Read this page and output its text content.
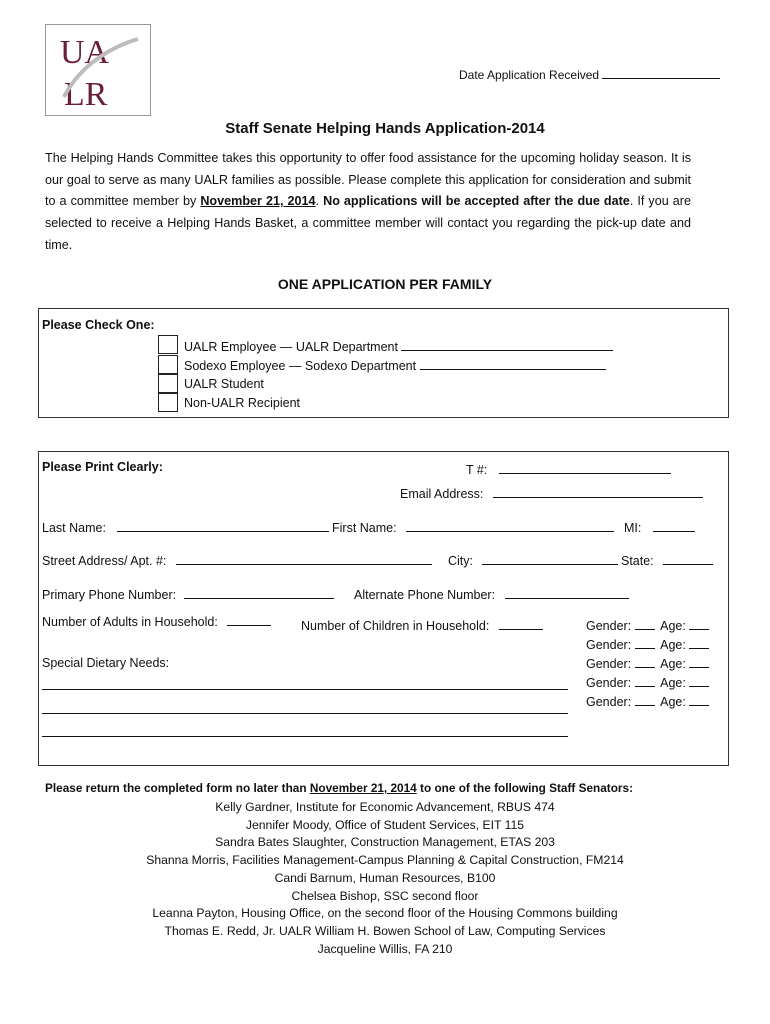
UA
LR
Date Application Received
Staff Senate Helping Hands Application-2014
The Helping Hands Committee takes this opportunity to offer food assistance for the upcoming holiday season. It is our goal to serve as many UALR families as possible. Please complete this application for consideration and submit to a committee member by November 21, 2014. No applications will be accepted after the due date. If you are selected to receive a Helping Hands Basket, a committee member will contact you regarding the pick-up date and time.
ONE APPLICATION PER FAMILY
Please Check One:
UALR Employee — UALR Department
Sodexo Employee — Sodexo Department
UALR Student
Non-UALR Recipient
Please Print Clearly:	T #:
Email Address:
Last Name:	First Name:	MI:
Street Address/ Apt. #:	City:	State:
Primary Phone Number:	Alternate Phone Number:
Number of Adults in Household:	Number of Children in Household:	Gender: Age:
Gender: Age:
Gender: Age:
Gender: Age:
Gender: Age:
Special Dietary Needs:
Please return the completed form no later than November 21, 2014 to one of the following Staff Senators:
Kelly Gardner, Institute for Economic Advancement, RBUS 474
Jennifer Moody, Office of Student Services, EIT 115
Sandra Bates Slaughter, Construction Management, ETAS 203
Shanna Morris, Facilities Management-Campus Planning & Capital Construction, FM214
Candi Barnum, Human Resources, B100
Chelsea Bishop, SSC second floor
Leanna Payton, Housing Office, on the second floor of the Housing Commons building
Thomas E. Redd, Jr. UALR William H. Bowen School of Law, Computing Services
Jacqueline Willis, FA 210
